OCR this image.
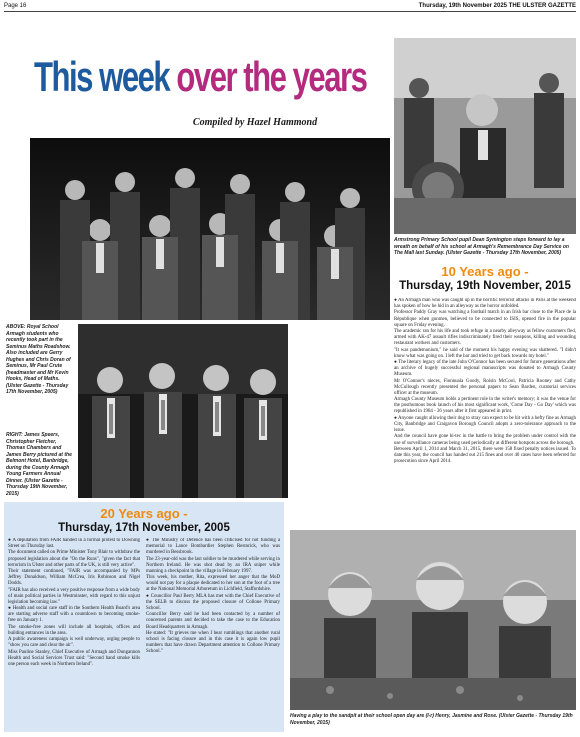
Page 16	Thursday, 19th November 2025 THE ULSTER GAZETTE
This week over the years
Compiled by Hazel Hammond
ABOVE: Royal School Armagh students who recently took part in the Seminus Maths Roadshow. Also included are Gerry Hughes and Chris Doran of Seminus, Mr Paul Crute (headmaster and Mr Kevin Hooks, Head of Maths. (Ulster Gazette - Thursday 17th November, 2005)
RIGHT: James Speers, Christopher Fletcher, Thomas Chambers and James Berry pictured at the Belmont Hotel, Banbridge, during the County Armagh Young Farmers Annual Dinner. (Ulster Gazette - Thursday 19th November, 2015)
Armstrong Primary School pupil Dean Symington steps forward to lay a wreath on behalf of his school at Armagh's Remembrance Day Service on The Mall last Sunday. (Ulster Gazette - Thursday 17th November, 2005)
10 Years ago -
Thursday, 19th November, 2015

● An Armagh man who was caught up in the horrific terrorist attacks in Paris at the weekend has spoken of how he hid in an alleyway as the horror unfolded.

Professor Paddy Gray was watching a football match in an Irish bar close to the Place de la République when gunmen, believed to be connected to ISIS, opened fire in the popular square on Friday evening.

The academic ran for his life and took refuge in a nearby alleyway as fellow customers fled, armed with AK-47 assault rifles indiscriminately fired their weapons, killing and wounding restaurant workers and customers.

"It was pandemonium," he said of the moment his happy evening was shattered. "I didn't know what was going on. I left the bar and tried to get back towards my hotel."

● The literary legacy of the late John O'Connor has been secured for future generations after an archive of hugely successful regional manuscripts was donated to Armagh County Museum.

Mr O'Connor's nieces, Fionnuala Goody, Roisin McCool, Patricia Rooney and Cathy McCullough recently presented the personal papers to Sean Barden, curatorial services officer at the museum.

Armagh County Museum holds a pertinent role in the writer's memory; it was the venue for the posthumous book launch of his most significant work, 'Come Day - Go Day' which was republished in 1984 - 36 years after it first appeared in print.

● Anyone caught allowing their dog to stray can expect to be hit with a hefty fine as Armagh City, Banbridge and Craigavon Borough Council adopts a zero-tolerance approach to the issue.

And the council have gone hi-tec in the battle to bring the problem under control with the use of surveillance cameras being used periodically at different hotspots across the borough.

Between April 1, 2014 and March 31, 2015, there were 158 fixed penalty notices issued. To date this year, the council has handed out 215 fines and over 40 cases have been referred for prosecution since April 2014.

20 Years ago -
Thursday, 17th November, 2005

● A deputation from FAIR handed in a formal protest to Downing Street on Thursday last.

The document called on Prime Minister Tony Blair to withdraw the proposed legislation about the "On the Runs", "given the fact that terrorism in Ulster and other parts of the UK, is still very active".

Their statement continued, "FAIR was accompanied by MPs Jeffrey Donaldson, William McCrea, Iris Robinson and Nigel Dodds.

"FAIR has also received a very positive response from a wide body of main political parties in Westminster, with regard to this unjust legislation becoming law."

● Health and social care staff in the Southern Health Board's area are starting adverse staff with a countdown to becoming smoke-free on January 1.

The smoke-free zones will include all hospitals, offices and building entrances in the area.

A public awareness campaign is well underway, urging people to "show you care and clear the air".

Miss Pauline Stanley, Chief Executive of Armagh and Dungannon Health and Social Services Trust said: "Second hand smoke kills one person each week in Northern Ireland".

● The Ministry of Defence has been criticised for not funding a memorial to Lance Bombardier Stephen Restorick, who was murdered in Bessbrook.

The 23-year-old was the last soldier to be murdered while serving in Northern Ireland. He was shot dead by an IRA sniper while manning a checkpoint in the village in February 1997.

This week, his mother, Rita, expressed her anger that the MoD would not pay for a plaque dedicated to her son at the foot of a tree at the National Memorial Arboretum in Lichfield, Staffordshire.

● Councillor Paul Berry MLA has met with the Chief Executive of the SELB to discuss the proposed closure of Collone Primary School.

Councillor Berry said he had been contacted by a number of concerned parents and decided to take the case to the Education Board Headquarters in Armagh.

He stated: "It grieves me when I hear rumblings that another rural school is facing closure and in this case it is again low pupil numbers that have drawn Department attention to Collone Primary School."

Having a play to the sandpit at their school open day are (l-r) Henry, Jasmine and Rose. (Ulster Gazette - Thursday 19th November, 2015)
